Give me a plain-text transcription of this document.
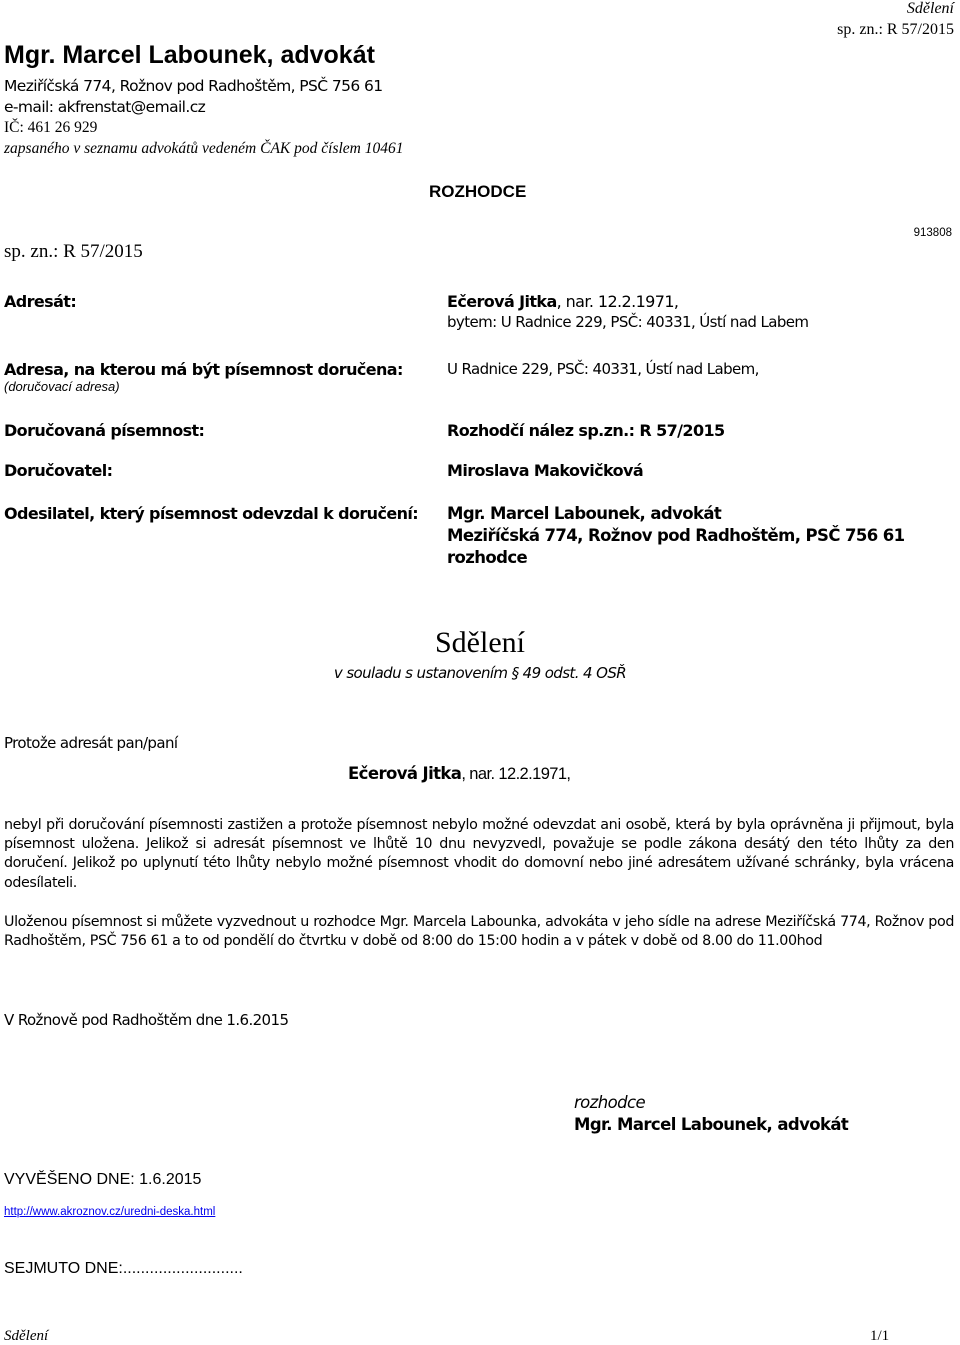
Mgr. Marcel Labounek, advokát
Meziříčská 774, Rožnov pod Radhoštěm, PSČ 756 61
e-mail: akfrenstat@email.cz
IČ: 461 26 929
zapsaného v seznamu advokátů vedeném ČAK pod číslem 10461
Sdělení
sp. zn.: R 57/2015
ROZHODCE
sp. zn.: R 57/2015
913808
Adresát:	Ečerová Jitka, nar. 12.2.1971,
bytem: U Radnice 229, PSČ: 40331, Ústí nad Labem
Adresa, na kterou má být písemnost doručena:
(doručovací adresa)
U Radnice 229, PSČ: 40331, Ústí nad Labem,
Doručovaná písemnost:	Rozhodčí nález sp.zn.: R 57/2015
Doručovatel:	Miroslava Makovičková
Odesilatel, který písemnost odevzdal k doručení: Mgr. Marcel Labounek, advokát
Meziříčská 774, Rožnov pod Radhoštěm, PSČ 756 61
rozhodce
Sdělení
v souladu s ustanovením § 49 odst. 4 OSŘ
Protože adresát pan/paní
Ečerová Jitka, nar. 12.2.1971,
nebyl při doručování písemnosti zastižen a protože písemnost nebylo možné odevzdat ani osobě, která by byla oprávněna ji přijmout, byla písemnost uložena. Jelikož si adresát písemnost ve lhůtě 10 dnu nevyzvedl, považuje se podle zákona desátý den této lhůty za den doručení. Jelikož po uplynutí této lhůty nebylo možné písemnost vhodit do domovní nebo jiné adresátem užívané schránky, byla vrácena odesílateli.
Uloženou písemnost si můžete vyzvednout u rozhodce Mgr. Marcela Labounka, advokáta v jeho sídle na adrese Meziříčská 774, Rožnov pod Radhoštěm, PSČ 756 61 a to od pondělí do čtvrtku v době od 8:00 do 15:00 hodin a v pátek v době od 8.00 do 11.00hod
V Rožnově pod Radhoštěm dne 1.6.2015
rozhodce
Mgr. Marcel Labounek, advokát
VYVĚŠENO DNE: 1.6.2015
http://www.akroznov.cz/uredni-deska.html
SEJMUTO DNE:...........................
Sdělení	1/1
